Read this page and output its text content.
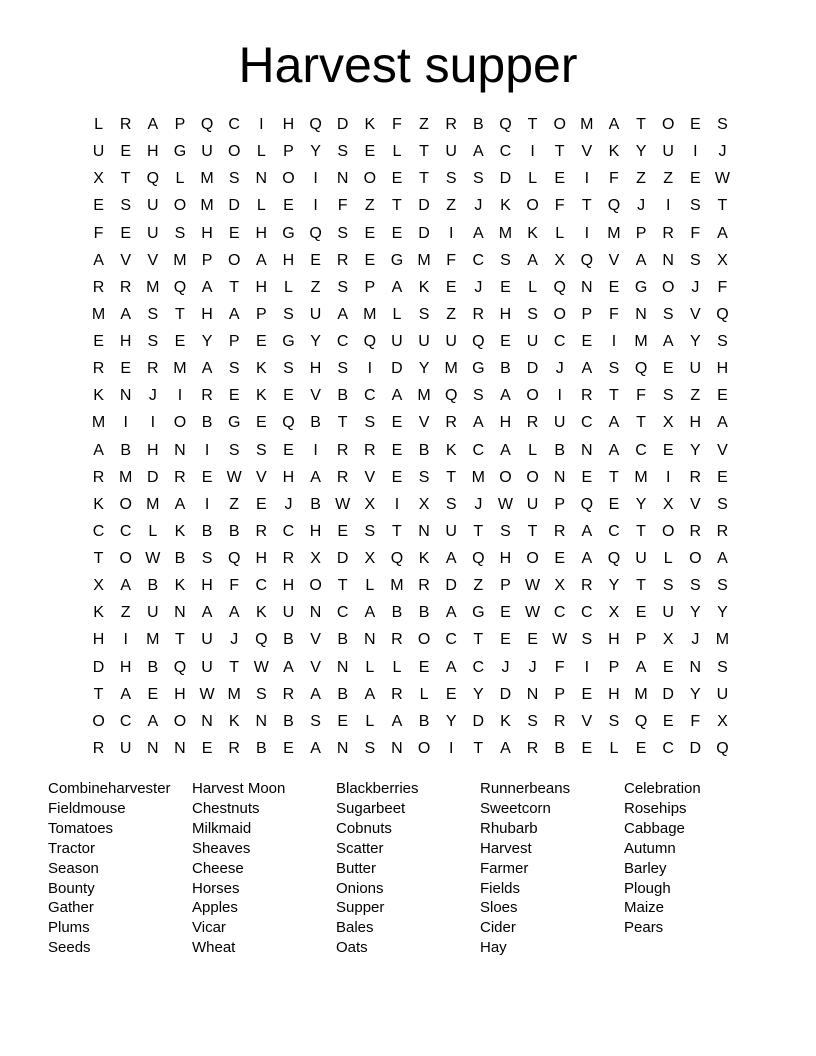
Harvest supper
L	R A P Q C	I	H Q D K	F	Z	R B Q	T	O M A	T	O E S
U E H G U O	L	P Y S E	L	T	U A C	I	T	V K Y U	I	J
X	T	Q	L	M S N O	I	N O E	T	S S D	L	E	I	F	Z	Z	E W
E S U O M D	L	E	I	F	Z	T	D	Z	J	K O	F	T	Q	J	I	S	T
F	E U S H E H G Q S E E D	I	A M K	L	I	M P R	F	A
A V V M P O A H E R E G M F	C S A X Q V A N S X
R R M Q A	T	H	L	Z	S P A K E	J	E	L	Q N E G O	J	F
M A S	T	H A P S U A M	L	S	Z	R H S O P	F	N S V Q
E H S E Y P E G Y C Q U U U Q E U C E	I	M A Y S
R E R M A S K S H S	I	D Y M G B D	J	A S Q E U H
K N	J	I	R E K E V B C A M Q S A O	I	R	T	F	S	Z	E
M	I	I	O B G E Q B	T	S E V R A H R U C A	T	X H A
A B H N	I	S S E	I	R R E B K C A	L	B N A C E Y V
R M D R E W V H A R V E S	T M O O N E	T M	I	R E
K O M A	I	Z	E	J	B W X	I	X S	J W U P Q E Y X V S
C C	L	K B B R C H E S	T	N U	T	S	T	R A C	T	O R R
T	O W B S Q H R X D X Q K A Q H O E A Q U	L	O A
X A B K H	F	C H O	T	L	M R D	Z	P W X R Y	T	S S S
K	Z	U N A A K U N C A B B A G E W C C X E U Y Y
H	I	M T	U	J	Q B V B N R O C	T	E E W S H P X	J	M
D H B Q U	T W A V N	L	L	E A C	J	J	F	I	P A E N S
T	A E H W M S R A B A R	L	E Y D N P E H M D Y U
O C A O N K N B S E	L	A B Y D K S R V S Q E	F	X
R U N N E R B E A N S N O	I	T	A R B E	L	E C D Q
Combineharvester
Fieldmouse
Tomatoes
Tractor
Season
Bounty
Gather
Plums
Seeds
Harvest Moon
Chestnuts
Milkmaid
Sheaves
Cheese
Horses
Apples
Vicar
Wheat
Blackberries
Sugarbeet
Cobnuts
Scatter
Butter
Onions
Supper
Bales
Oats
Runnerbeans
Sweetcorn
Rhubarb
Harvest
Farmer
Fields
Sloes
Cider
Hay
Celebration
Rosehips
Cabbage
Autumn
Barley
Plough
Maize
Pears
